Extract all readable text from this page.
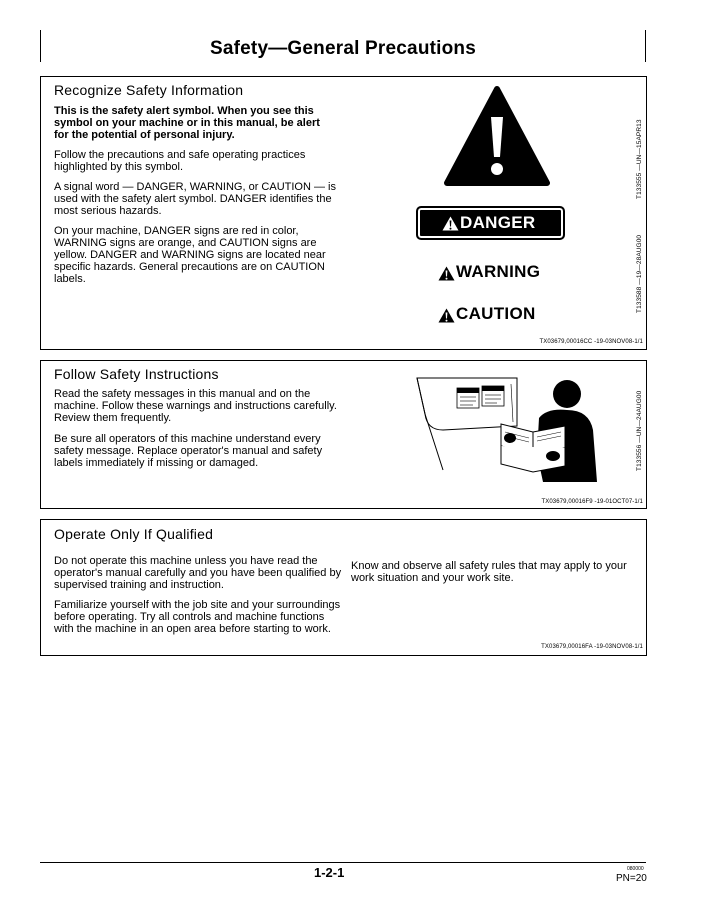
Safety—General Precautions
Recognize Safety Information

This is the safety alert symbol. When you see this symbol on your machine or in this manual, be alert for the potential of personal injury.

Follow the precautions and safe operating practices highlighted by this symbol.

A signal word — DANGER, WARNING, or CAUTION — is used with the safety alert symbol. DANGER identifies the most serious hazards.

On your machine, DANGER signs are red in color, WARNING signs are orange, and CAUTION signs are yellow. DANGER and WARNING signs are located near specific hazards. General precautions are on CAUTION labels.

DANGER
WARNING
CAUTION
T133555 —UN—15APR13
T133588 —19—28AUG00
TX03679,00016CC -19-03NOV08-1/1
Follow Safety Instructions

Read the safety messages in this manual and on the machine. Follow these warnings and instructions carefully. Review them frequently.

Be sure all operators of this machine understand every safety message. Replace operator's manual and safety labels immediately if missing or damaged.	T133556 —UN—24AUG00
TX03679,00016F9 -19-01OCT07-1/1
Operate Only If Qualified

Do not operate this machine unless you have read the operator's manual carefully and you have been qualified by supervised training and instruction.

Familiarize yourself with the job site and your surroundings before operating. Try all controls and machine functions with the machine in an open area before starting to work.

Know and observe all safety rules that may apply to your work situation and your work site.

TX03679,00016FA -19-03NOV08-1/1
1-2-1	080000
PN=20
